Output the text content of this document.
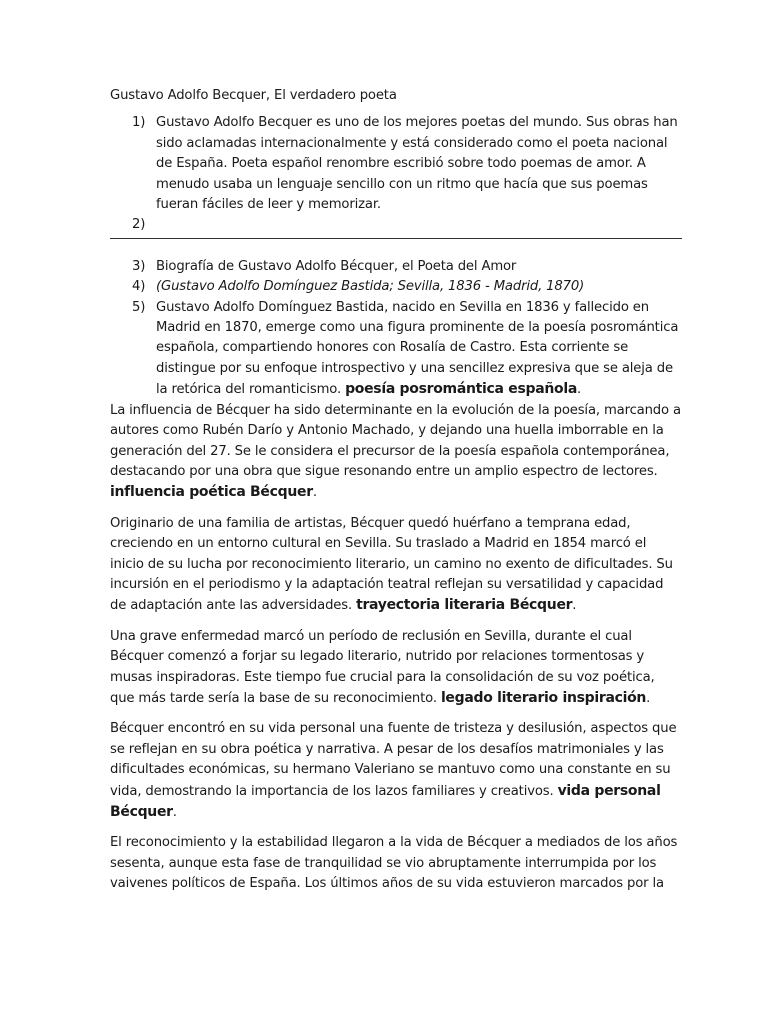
Gustavo Adolfo Becquer, El verdadero poeta
1) Gustavo Adolfo Becquer es uno de los mejores poetas del mundo. Sus obras han sido aclamadas internacionalmente y está considerado como el poeta nacional de España. Poeta español renombre escribió sobre todo poemas de amor. A menudo usaba un lenguaje sencillo con un ritmo que hacía que sus poemas fueran fáciles de leer y memorizar.
2)

3) Biografía de Gustavo Adolfo Bécquer, el Poeta del Amor
4) (Gustavo Adolfo Domínguez Bastida; Sevilla, 1836 - Madrid, 1870)
5) Gustavo Adolfo Domínguez Bastida, nacido en Sevilla en 1836 y fallecido en Madrid en 1870, emerge como una figura prominente de la poesía posromántica española, compartiendo honores con Rosalía de Castro. Esta corriente se distingue por su enfoque introspectivo y una sencillez expresiva que se aleja de la retórica del romanticismo. poesía posromántica española.

La influencia de Bécquer ha sido determinante en la evolución de la poesía, marcando a autores como Rubén Darío y Antonio Machado, y dejando una huella imborrable en la generación del 27. Se le considera el precursor de la poesía española contemporánea, destacando por una obra que sigue resonando entre un amplio espectro de lectores. influencia poética Bécquer.

Originario de una familia de artistas, Bécquer quedó huérfano a temprana edad, creciendo en un entorno cultural en Sevilla. Su traslado a Madrid en 1854 marcó el inicio de su lucha por reconocimiento literario, un camino no exento de dificultades. Su incursión en el periodismo y la adaptación teatral reflejan su versatilidad y capacidad de adaptación ante las adversidades. trayectoria literaria Bécquer.

Una grave enfermedad marcó un período de reclusión en Sevilla, durante el cual Bécquer comenzó a forjar su legado literario, nutrido por relaciones tormentosas y musas inspiradoras. Este tiempo fue crucial para la consolidación de su voz poética, que más tarde sería la base de su reconocimiento. legado literario inspiración.

Bécquer encontró en su vida personal una fuente de tristeza y desilusión, aspectos que se reflejan en su obra poética y narrativa. A pesar de los desafíos matrimoniales y las dificultades económicas, su hermano Valeriano se mantuvo como una constante en su vida, demostrando la importancia de los lazos familiares y creativos. vida personal Bécquer.

El reconocimiento y la estabilidad llegaron a la vida de Bécquer a mediados de los años sesenta, aunque esta fase de tranquilidad se vio abruptamente interrumpida por los vaivenes políticos de España. Los últimos años de su vida estuvieron marcados por la
